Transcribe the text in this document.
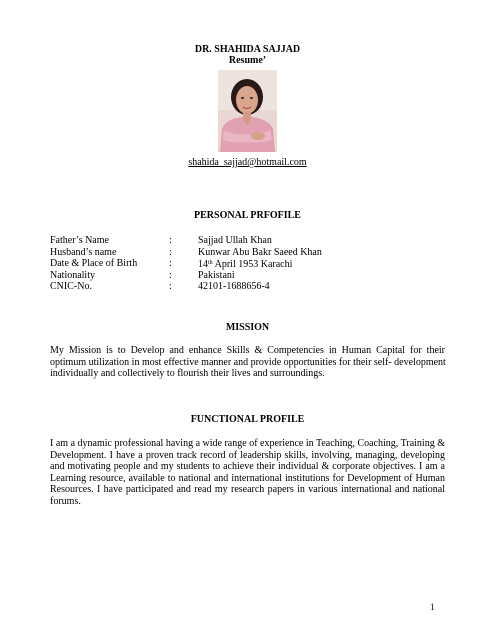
DR. SHAHIDA SAJJAD
Resume’
shahida_sajjad@hotmail.com
PERSONAL PRFOFILE
Father’s Name	:	Sajjad Ullah Khan
Husband’s name	:	Kunwar Abu Bakr Saeed Khan
Date & Place of Birth	:	14th April 1953 Karachi
Nationality	:	Pakistani
CNIC-No.	:	42101-1688656-4
MISSION
My Mission is to Develop and enhance Skills & Competencies in Human Capital for their
optimum utilization in most effective manner and provide opportunities for their self- development
individually and collectively to flourish their lives and surroundings.
FUNCTIONAL PROFILE
I am a dynamic professional having a wide range of experience in Teaching, Coaching, Training &
Development. I have a proven track record of leadership skills, involving, managing, developing
and motivating people and my students to achieve their individual & corporate objectives. I am a
Learning resource, available to national and international institutions for Development of Human
Resources. I have participated and read my research papers in various international and national
forums.
1
